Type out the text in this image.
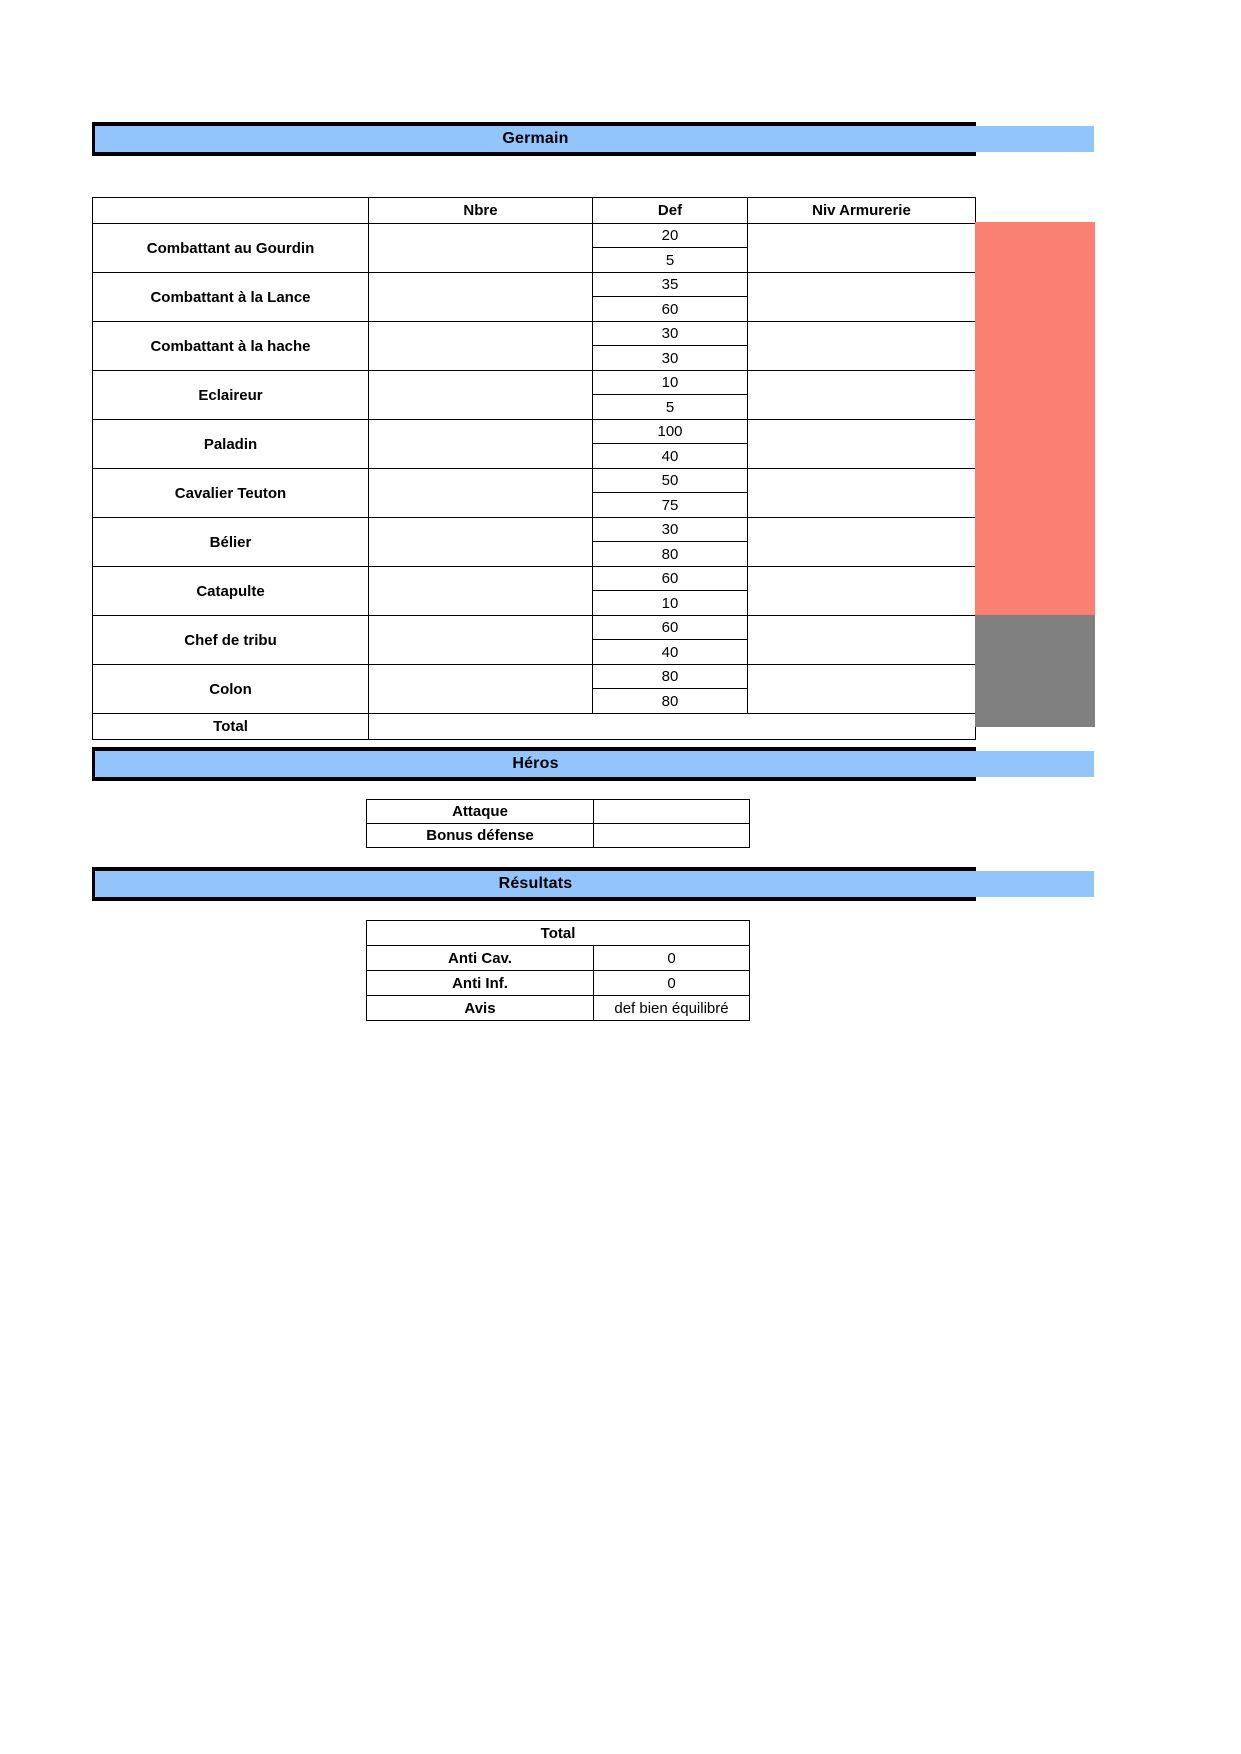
Germain
	Nbre	Def	Niv Armurerie
Combattant au Gourdin		20	
		5	
Combattant à la Lance		35	
		60	
Combattant à la hache		30	
		30	
Eclaireur		10	
		5	
Paladin		100	
		40	
Cavalier Teuton		50	
		75	
Bélier		30	
		80	
Catapulte		60	
		10	
Chef de tribu		60	
		40	
Colon		80	
		80	
Total			
Héros
Attaque	
Bonus défense	
Résultats
Total	
Anti Cav.	0
Anti Inf.	0
Avis	def bien équilibré
